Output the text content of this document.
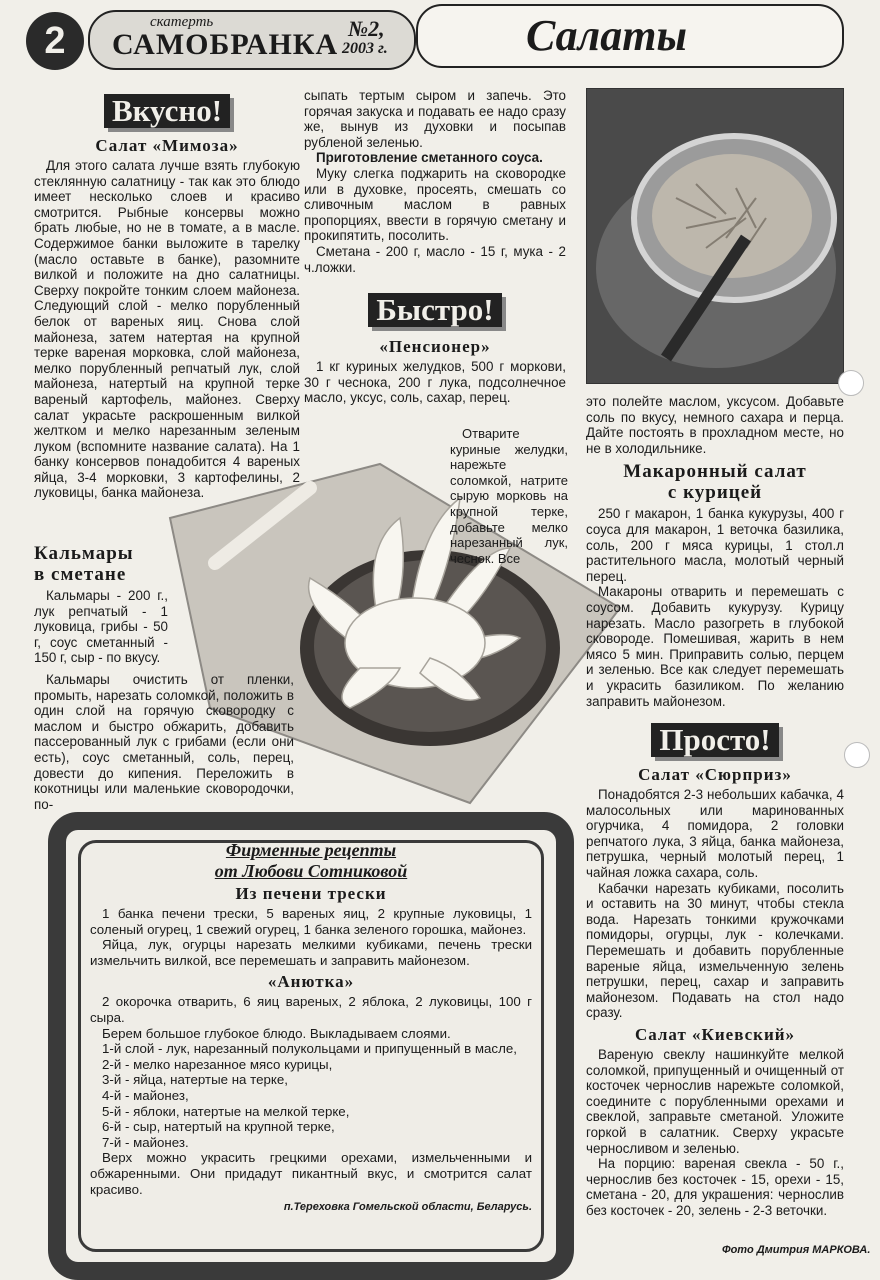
2	скатерть
САМОБРАНКА №2,
2003 г.	Салаты
Вкусно!

Салат «Мимоза»

Для этого салата лучше взять глубокую стеклянную салатницу - так как это блюдо имеет несколько слоев и красиво смотрится. Рыбные консервы можно брать любые, но не в томате, а в масле. Содержимое банки выложите в тарелку (масло оставьте в банке), разомните вилкой и положите на дно салатницы. Сверху покройте тонким слоем майонеза. Следующий слой - мелко порубленный белок от вареных яиц. Снова слой майонеза, затем натертая на крупной терке вареная морковка, слой майонеза, мелко порубленный репчатый лук, слой майонеза, натертый на крупной терке вареный картофель, майонез. Сверху салат украсьте раскрошенным вилкой желтком и мелко нарезанным зеленым луком (вспомните название салата). На 1 банку консервов понадобится 4 вареных яйца, 3-4 морковки, 3 картофелины, 2 луковицы, банка майонеза.

Кальмары

в сметане

Кальмары - 200 г., лук репчатый - 1 луковица, грибы - 50 г, соус сметанный - 150 г, сыр - по вкусу.

Кальмары очистить от пленки, промыть, нарезать соломкой, положить в один слой на горячую сковородку с маслом и быстро обжарить, добавить пассерованный лук с грибами (если они есть), соус сметанный, соль, перец, довести до кипения. Переложить в кокотницы или маленькие сковородочки, по-

сыпать тертым сыром и запечь. Это горячая закуска и подавать ее надо сразу же, вынув из духовки и посыпав рубленой зеленью.

Приготовление сметанного соуса.

Муку слегка поджарить на сковородке или в духовке, просеять, смешать со сливочным маслом в равных пропорциях, ввести в горячую сметану и прокипятить, посолить.

Сметана - 200 г, масло - 15 г, мука - 2 ч.ложки.

Быстро!

«Пенсионер»

1 кг куриных желудков, 500 г моркови, 30 г чеснока, 200 г лука, подсолнечное масло, уксус, соль, сахар, перец.

Отварите куриные желудки, нарежьте соломкой, натрите сырую морковь на крупной терке, добавьте мелко нарезанный лук, чеснок. Все

это полейте маслом, уксусом. Добавьте соль по вкусу, немного сахара и перца. Дайте постоять в прохладном месте, но не в холодильнике.

Макаронный салат

с курицей

250 г макарон, 1 банка кукурузы, 400 г соуса для макарон, 1 веточка базилика, соль, 200 г мяса курицы, 1 стол.л растительного масла, молотый черный перец.

Макароны отварить и перемешать с соусом. Добавить кукурузу. Курицу нарезать. Масло разогреть в глубокой сковороде. Помешивая, жарить в нем мясо 5 мин. Приправить солью, перцем и зеленью. Все как следует перемешать и украсить базиликом. По желанию заправить майонезом.

Просто!

Салат «Сюрприз»

Понадобятся 2-3 небольших кабачка, 4 малосольных или маринованных огурчика, 4 помидора, 2 головки репчатого лука, 3 яйца, банка майонеза, петрушка, черный молотый перец, 1 чайная ложка сахара, соль.

Кабачки нарезать кубиками, посолить и оставить на 30 минут, чтобы стекла вода. Нарезать тонкими кружочками помидоры, огурцы, лук - колечками. Перемешать и добавить порубленные вареные яйца, измельченную зелень петрушки, перец, сахар и заправить майонезом. Подавать на стол надо сразу.

Салат «Киевский»

Вареную свеклу нашинкуйте мелкой соломкой, припущенный и очищенный от косточек чернослив нарежьте соломкой, соедините с порубленными орехами и свеклой, заправьте сметаной. Уложите горкой в салатник. Сверху украсьте черносливом и зеленью.

На порцию: вареная свекла - 50 г., чернослив без косточек - 15, орехи - 15, сметана - 20, для украшения: чернослив без косточек - 20, зелень - 2-3 веточки.

Фото Дмитрия МАРКОВА.
Фирменные рецепты
от Любови Сотниковой

Из печени трески

1 банка печени трески, 5 вареных яиц, 2 крупные луковицы, 1 соленый огурец, 1 свежий огурец, 1 банка зеленого горошка, майонез.

Яйца, лук, огурцы нарезать мелкими кубиками, печень трески измельчить вилкой, все перемешать и заправить майонезом.

«Анютка»

2 окорочка отварить, 6 яиц вареных, 2 яблока, 2 луковицы, 100 г сыра.

Берем большое глубокое блюдо. Выкладываем слоями.

1-й слой - лук, нарезанный полукольцами и припущенный в масле,

2-й - мелко нарезанное мясо курицы,

3-й - яйца, натертые на терке,

4-й - майонез,

5-й - яблоки, натертые на мелкой терке,

6-й - сыр, натертый на крупной терке,

7-й - майонез.

Верх можно украсить грецкими орехами, измельченными и обжаренными. Они придадут пикантный вкус, и смотрится салат красиво.

п.Тереховка Гомельской области, Беларусь.
